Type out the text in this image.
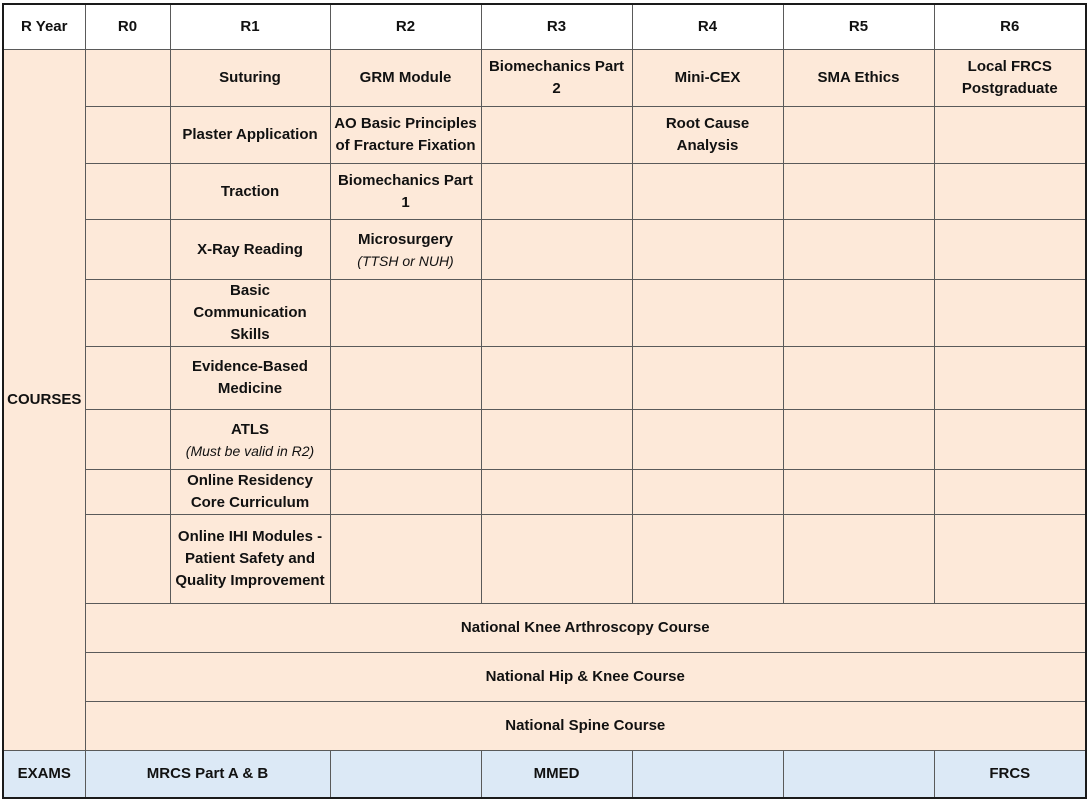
R Year	R0	R1	R2	R3	R4	R5	R6
COURSES		Suturing	GRM Module	Biomechanics Part 2	Mini-CEX	SMA Ethics	Local FRCS Postgraduate
		Plaster Application	AO Basic Principles of Fracture Fixation		Root Cause Analysis		
		Traction	Biomechanics Part 1				
		X-Ray Reading	Microsurgery
(TTSH or NUH)				

		Basic Communication Skills					
		Evidence-Based Medicine					
		ATLS
(Must be valid in R2)					

		Online Residency Core Curriculum					
		Online IHI Modules - Patient Safety and Quality Improvement					
	National Knee Arthroscopy Course						
	National Hip & Knee Course						
	National Spine Course						
EXAMS	MRCS Part A & B			MMED			FRCS
